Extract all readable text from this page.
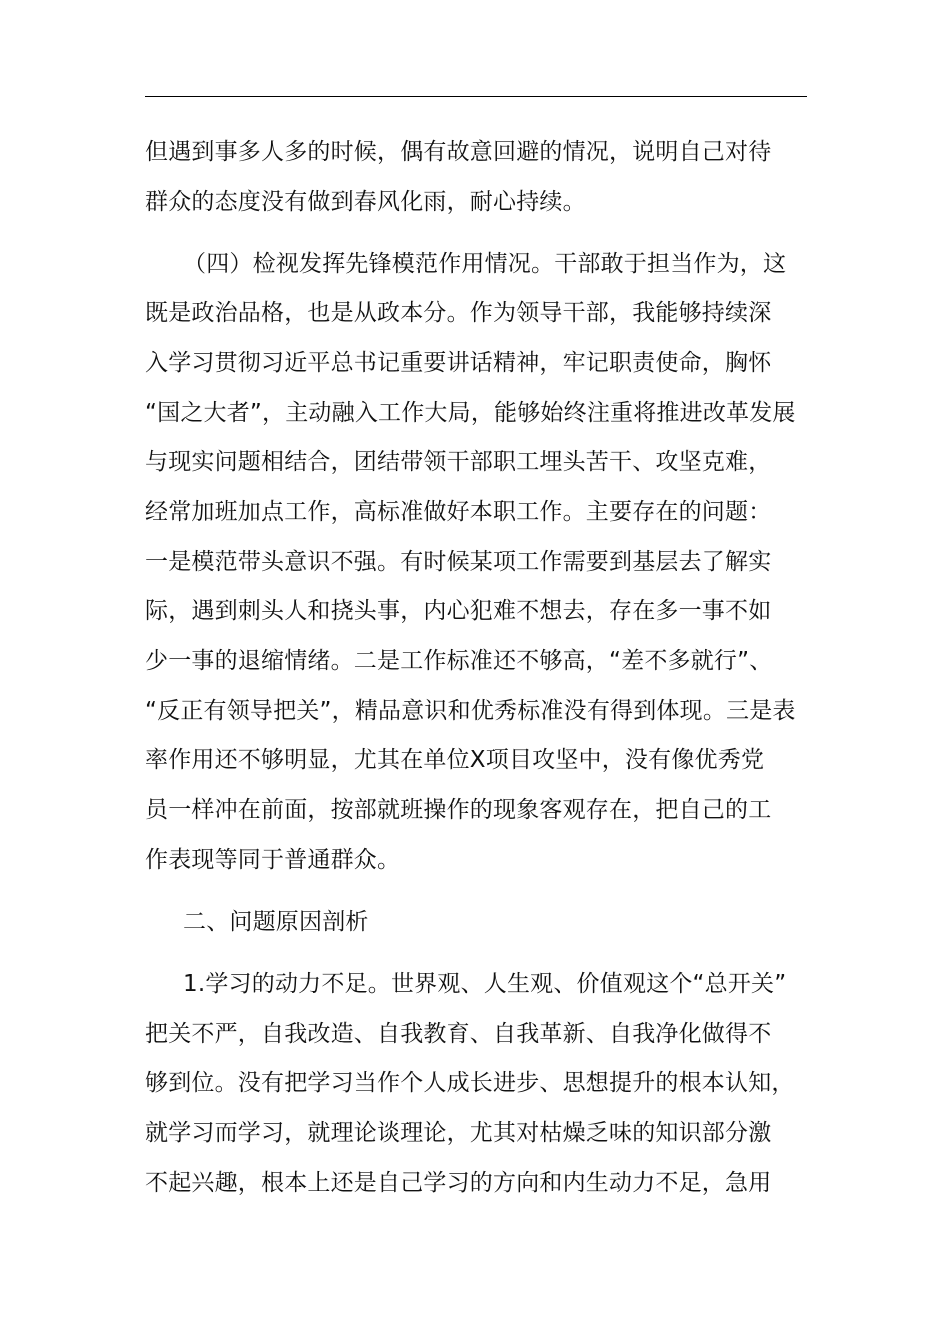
但遇到事多人多的时候，偶有故意回避的情况，说明自己对待
群众的态度没有做到春风化雨，耐心持续。
（四）检视发挥先锋模范作用情况。干部敢于担当作为，这
既是政治品格，也是从政本分。作为领导干部，我能够持续深
入学习贯彻习近平总书记重要讲话精神，牢记职责使命，胸怀
“国之大者”，主动融入工作大局，能够始终注重将推进改革发展
与现实问题相结合，团结带领干部职工埋头苦干、攻坚克难，
经常加班加点工作，高标准做好本职工作。主要存在的问题：
一是模范带头意识不强。有时候某项工作需要到基层去了解实
际，遇到刺头人和挠头事，内心犯难不想去，存在多一事不如
少一事的退缩情绪。二是工作标准还不够高，“差不多就行”、
“反正有领导把关”，精品意识和优秀标准没有得到体现。三是表
率作用还不够明显，尤其在单位X项目攻坚中，没有像优秀党
员一样冲在前面，按部就班操作的现象客观存在，把自己的工
作表现等同于普通群众。
二、问题原因剖析
1.学习的动力不足。世界观、人生观、价值观这个“总开关”
把关不严，自我改造、自我教育、自我革新、自我净化做得不
够到位。没有把学习当作个人成长进步、思想提升的根本认知，
就学习而学习，就理论谈理论，尤其对枯燥乏味的知识部分激
不起兴趣，根本上还是自己学习的方向和内生动力不足，急用
